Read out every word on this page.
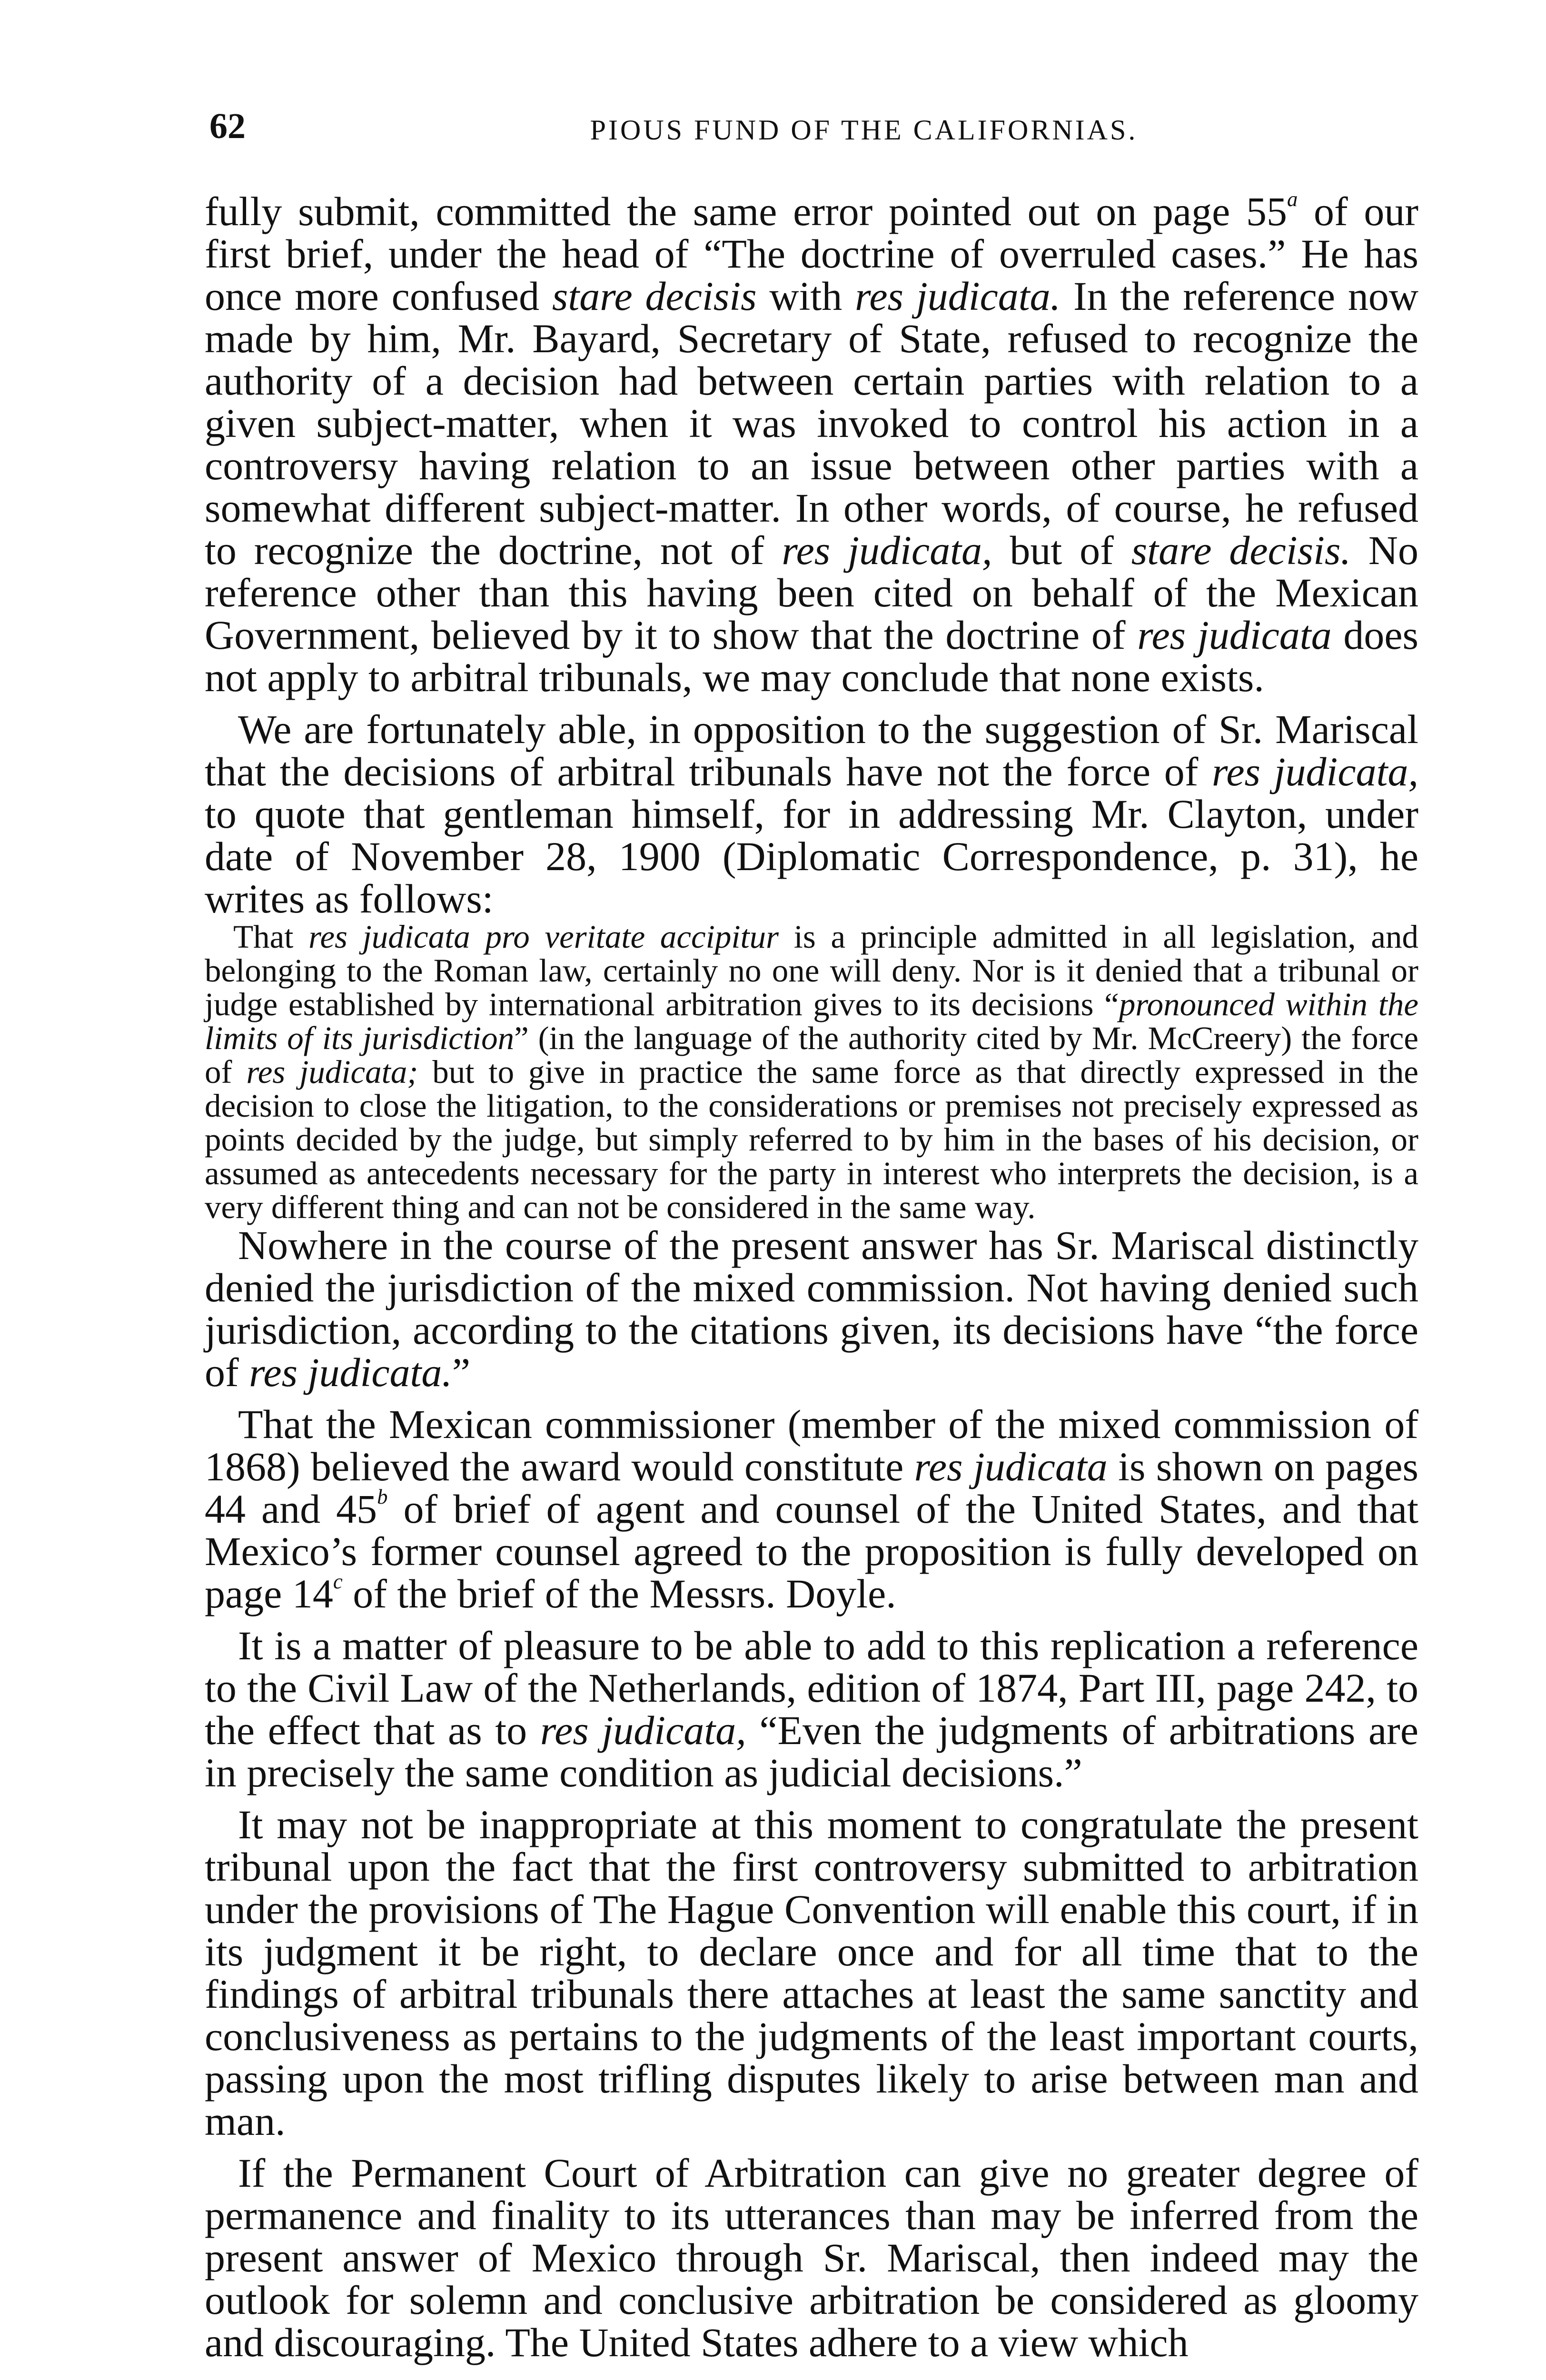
62	PIOUS FUND OF THE CALIFORNIAS.

fully submit, committed the same error pointed out on page 55$^a$ of our first brief, under the head of “The doctrine of overruled cases.” He has once more confused stare decisis with res judicata. In the reference now made by him, Mr. Bayard, Secretary of State, refused to recognize the authority of a decision had between certain parties with relation to a given subject-matter, when it was invoked to control his action in a controversy having relation to an issue between other parties with a somewhat different subject-matter. In other words, of course, he refused to recognize the doctrine, not of res judicata, but of stare decisis. No reference other than this having been cited on behalf of the Mexican Government, believed by it to show that the doctrine of res judicata does not apply to arbitral tribunals, we may conclude that none exists.

We are fortunately able, in opposition to the suggestion of Sr. Mariscal that the decisions of arbitral tribunals have not the force of res judicata, to quote that gentleman himself, for in addressing Mr. Clayton, under date of November 28, 1900 (Diplomatic Correspondence, p. 31), he writes as follows:

That res judicata pro veritate accipitur is a principle admitted in all legislation, and belonging to the Roman law, certainly no one will deny. Nor is it denied that a tribunal or judge established by international arbitration gives to its decisions “pronounced within the limits of its jurisdiction” (in the language of the authority cited by Mr. McCreery) the force of res judicata; but to give in practice the same force as that directly expressed in the decision to close the litigation, to the considerations or premises not precisely expressed as points decided by the judge, but simply referred to by him in the bases of his decision, or assumed as antecedents necessary for the party in interest who interprets the decision, is a very different thing and can not be considered in the same way.

Nowhere in the course of the present answer has Sr. Mariscal distinctly denied the jurisdiction of the mixed commission. Not having denied such jurisdiction, according to the citations given, its decisions have “the force of res judicata.”

That the Mexican commissioner (member of the mixed commission of 1868) believed the award would constitute res judicata is shown on pages 44 and 45$^b$ of brief of agent and counsel of the United States, and that Mexico’s former counsel agreed to the proposition is fully developed on page 14$^c$ of the brief of the Messrs. Doyle.

It is a matter of pleasure to be able to add to this replication a reference to the Civil Law of the Netherlands, edition of 1874, Part III, page 242, to the effect that as to res judicata, “Even the judgments of arbitrations are in precisely the same condition as judicial decisions.”

It may not be inappropriate at this moment to congratulate the present tribunal upon the fact that the first controversy submitted to arbitration under the provisions of The Hague Convention will enable this court, if in its judgment it be right, to declare once and for all time that to the findings of arbitral tribunals there attaches at least the same sanctity and conclusiveness as pertains to the judgments of the least important courts, passing upon the most trifling disputes likely to arise between man and man.

If the Permanent Court of Arbitration can give no greater degree of permanence and finality to its utterances than may be inferred from the present answer of Mexico through Sr. Mariscal, then indeed may the outlook for solemn and conclusive arbitration be considered as gloomy and discouraging. The United States adhere to a view which
